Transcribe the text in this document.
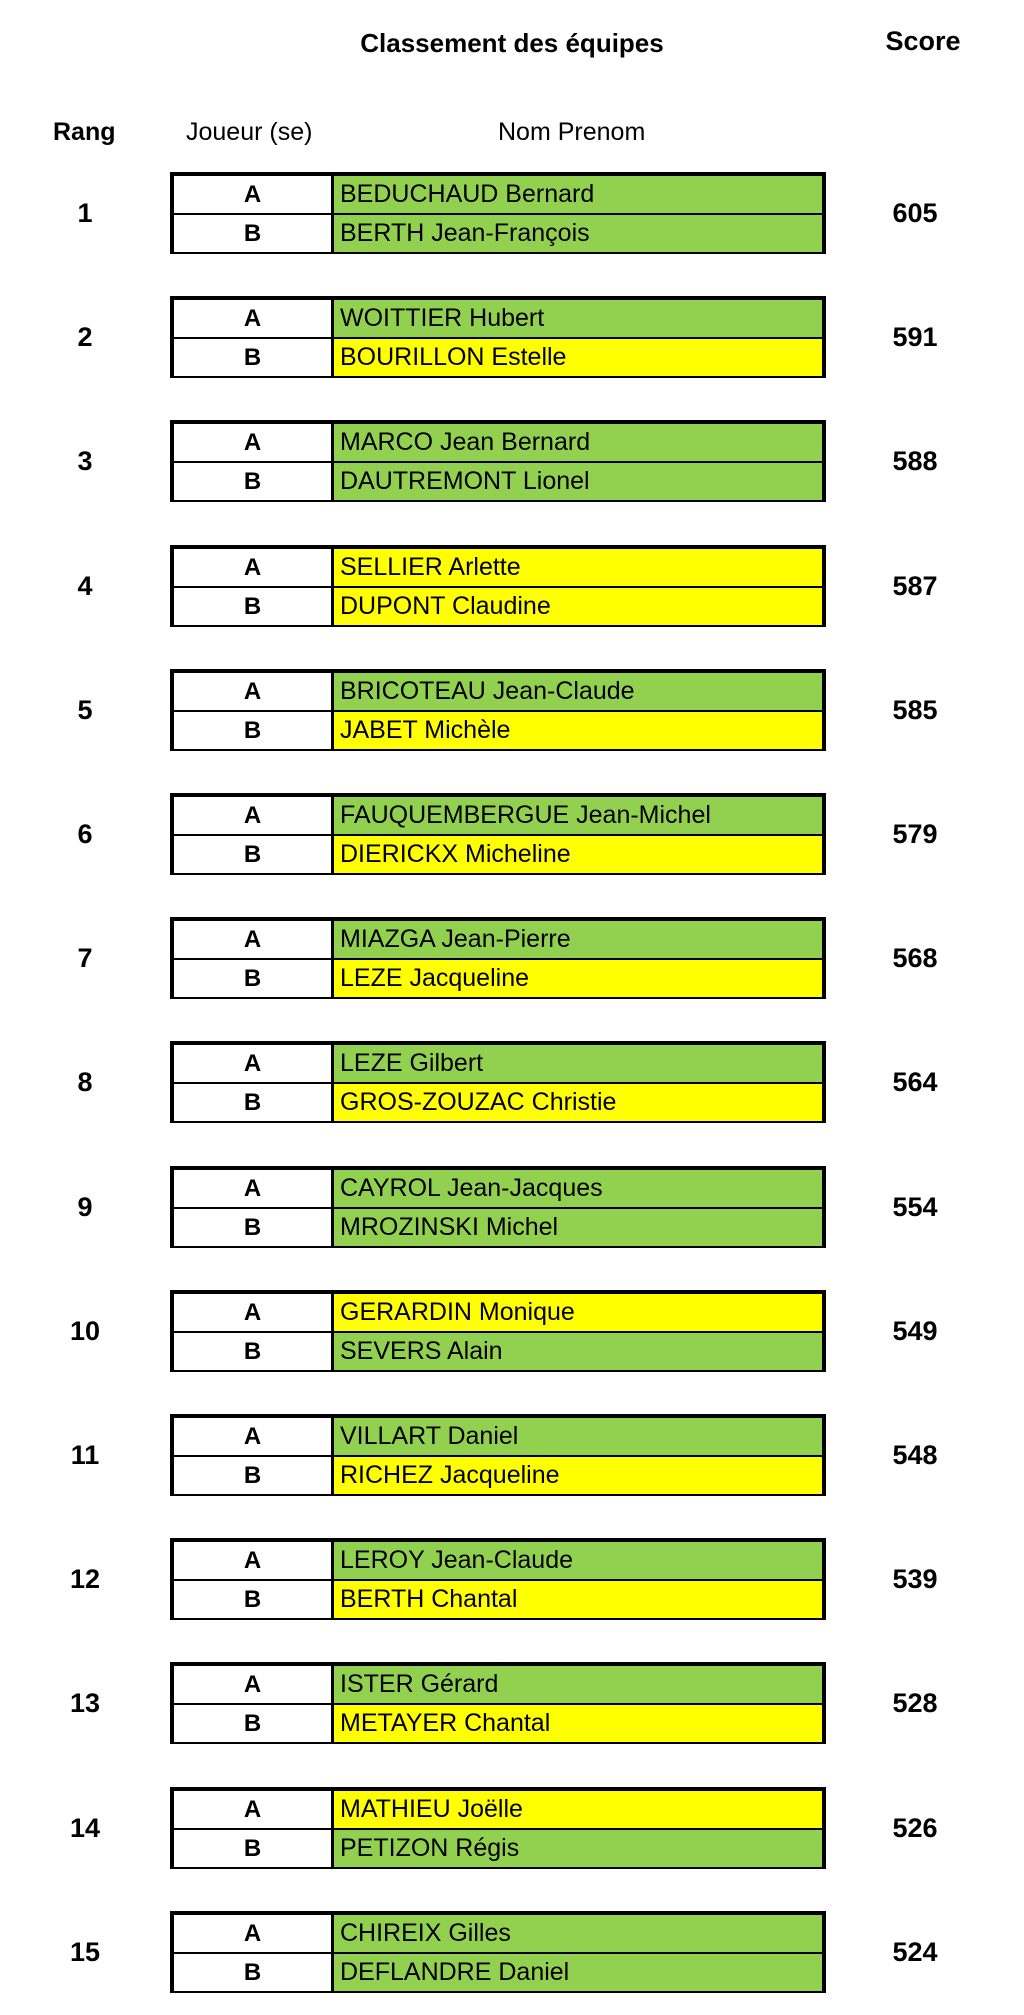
Classement des équipes
Rang	Joueur (se)	Nom Prenom
Score
1
A	BEDUCHAUD Bernard
B	BERTH Jean-François
605
2
A	WOITTIER Hubert
B	BOURILLON Estelle
591
3
A	MARCO Jean Bernard
B	DAUTREMONT Lionel
588
4
A	SELLIER Arlette
B	DUPONT Claudine
587
5
A	BRICOTEAU Jean-Claude
B	JABET Michèle
585
6
A	FAUQUEMBERGUE Jean-Michel
B	DIERICKX Micheline
579
7
A	MIAZGA Jean-Pierre
B	LEZE Jacqueline
568
8
A	LEZE Gilbert
B	GROS-ZOUZAC Christie
564
9
A	CAYROL Jean-Jacques
B	MROZINSKI Michel
554
10
A	GERARDIN Monique
B	SEVERS Alain
549
11
A	VILLART Daniel
B	RICHEZ Jacqueline
548
12
A	LEROY Jean-Claude
B	BERTH Chantal
539
13
A	ISTER Gérard
B	METAYER Chantal
528
14
A	MATHIEU Joëlle
B	PETIZON Régis
526
15
A	CHIREIX Gilles
B	DEFLANDRE Daniel
524
